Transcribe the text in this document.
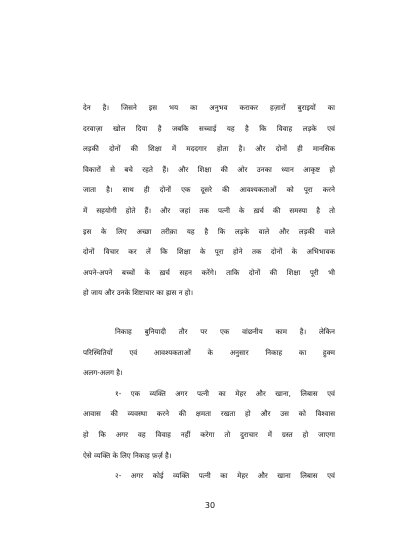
देन है। जिसने इस भय का अनुभव कराकर हज़ारों बुराइयों का
दरवाज़ा खोल दिया है जबकि सच्चाई यह है कि विवाह लड़के एवं
लड़की दोनों की शिक्षा में मददगार होता है। और दोनों ही मानसिक
विकारों से बचे रहते हैं। और शिक्षा की ओर उनका ध्यान आकृष्ट हो
जाता है। साथ ही दोनों एक दूसरे की आवश्यकताओं को पूरा करने
में सहयोगी होते हैं। और जहां तक पत्नी के ख़र्च की समस्या है तो
इस के लिए अच्छा तरीक़ा यह है कि लड़के वाले और लड़की वाले
दोनों विचार कर लें कि शिक्षा के पूरा होने तक दोनों के अभिभावक
अपने-अपने बच्चों के ख़र्च सहन करेंगे। ताकि दोनों की शिक्षा पूरी भी
हो जाय और उनके शिष्टाचार का ह्रास न हो।
निकाह बुनियादी तौर पर एक वांछनीय काम है। लेकिन
परिस्थितियों एवं आवश्यकताओं के अनुसार निकाह का हुक्म
अलग-अलग है।
१- एक व्यक्ति अगर पत्नी का मेहर और खाना, लिबास एवं
आवास की व्यवस्था करने की क्षमता रखता हो और उस को विश्वास
हो कि अगर वह विवाह नहीं करेगा तो दुराचार में ग्रस्त हो जाएगा
ऐसे व्यक्ति के लिए निकाह फ़र्ज़ है।
२- अगर कोई व्यक्ति पत्नी का मेहर और खाना लिबास एवं
30
